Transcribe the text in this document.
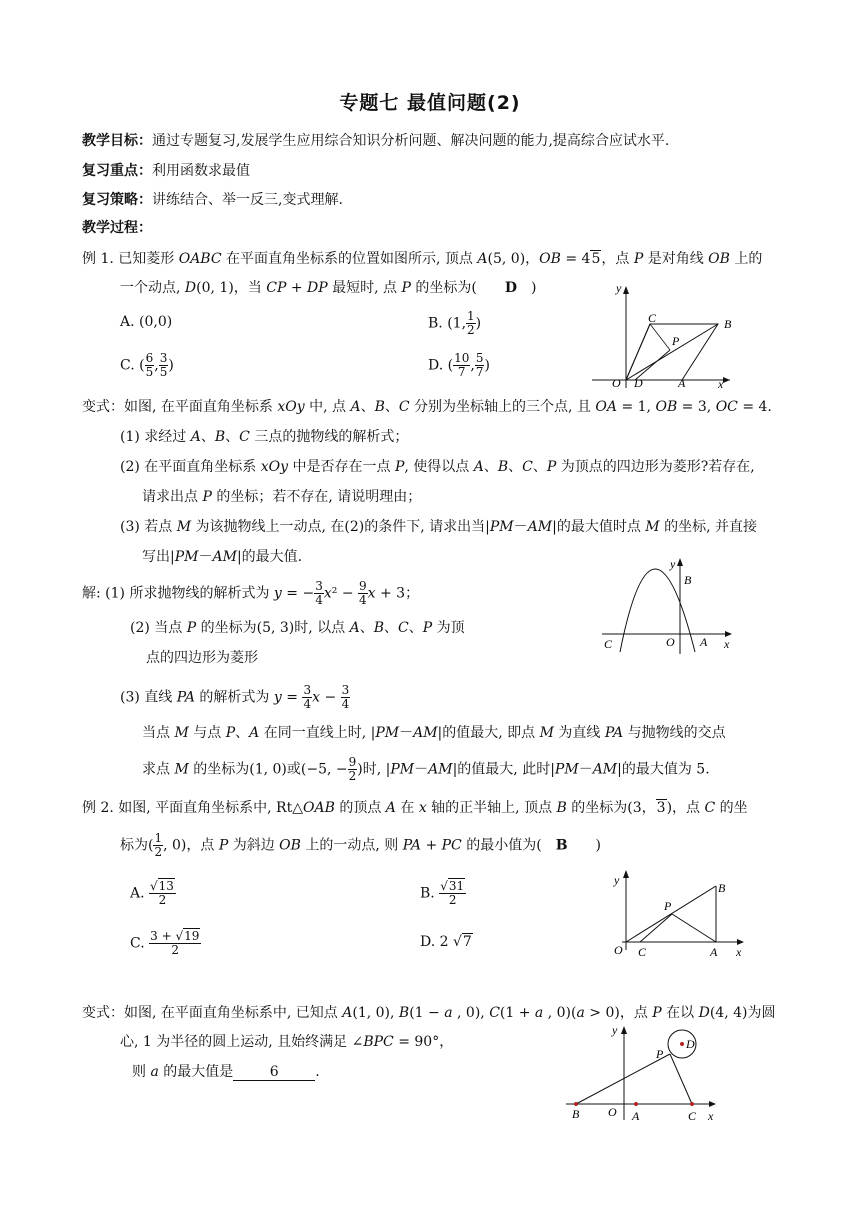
专题七 最值问题(2)
教学目标：通过专题复习,发展学生应用综合知识分析问题、解决问题的能力,提高综合应试水平.
复习重点：利用函数求最值
复习策略：讲练结合、举一反三,变式理解.
教学过程：
例 1. 已知菱形 OABC 在平面直角坐标系的位置如图所示, 顶点 A(5, 0)，OB = 45，点 P 是对角线 OB 上的
一个动点, D(0, 1)，当 CP + DP 最短时, 点 P 的坐标为(　　D　)
A. (0,0)	B. (1, $\frac{1}{2}$ )
C. ( $\frac{6}{5}$ , $\frac{3}{5}$ )	D. ( $\frac{10}{7}$ , $\frac{5}{7}$ )
y
x
O D	A
B
C
P
变式：如图, 在平面直角坐标系 xOy 中, 点 A、B、C 分别为坐标轴上的三个点, 且 OA = 1, OB = 3, OC = 4.
(1) 求经过 A、B、C 三点的抛物线的解析式；
(2) 在平面直角坐标系 xOy 中是否存在一点 P, 使得以点 A、B、C、P 为顶点的四边形为菱形?若存在,
请求出点 P 的坐标；若不存在, 请说明理由；
(3) 若点 M 为该抛物线上一动点, 在(2)的条件下, 请求出当|PM－AM|的最大值时点 M 的坐标, 并直接
写出|PM－AM|的最大值.
解: (1) 所求抛物线的解析式为 y = − $\frac{3}{4} x^2 - \frac{9}{4}$ x + 3；
(2) 当点 P 的坐标为(5, 3)时, 以点 A、B、C、P 为顶
点的四边形为菱形
(3) 直线 PA 的解析式为 $y = \frac{3}{4}$ $x - \frac{3}{4}$
当点 M 与点 P、A 在同一直线上时, |PM－AM|的值最大, 即点 M 为直线 PA 与抛物线的交点
求点 M 的坐标为(1, 0)或(−5, − $\frac{9}{2}$ )时, |PM－AM|的值最大, 此时|PM－AM|的最大值为 5.
y
x
O A
B
C
例 2. 如图, 平面直角坐标系中, Rt△OAB 的顶点 A 在 x 轴的正半轴上, 顶点 B 的坐标为(3，3)，点 C 的坐
标为( $\frac{1}{2}$ , 0)，点 P 为斜边 OB 上的一动点, 则 PA + PC 的最小值为(　B　　)
A. $\frac{√13}{2}$	B. $\frac{√31}{2}$
C. $\frac{3 + √19}{2}$	D. 2 √7
y
x
O C	A
B
P
变式：如图, 在平面直角坐标系中, 已知点 A(1, 0), B(1 − a , 0), C(1 + a , 0)(a > 0)，点 P 在以 D(4, 4)为圆
心, 1 为半径的圆上运动, 且始终满足 ∠BPC = 90°，
则 a 的最大值是	6	.
y
x
O
B	A	C
P
D
